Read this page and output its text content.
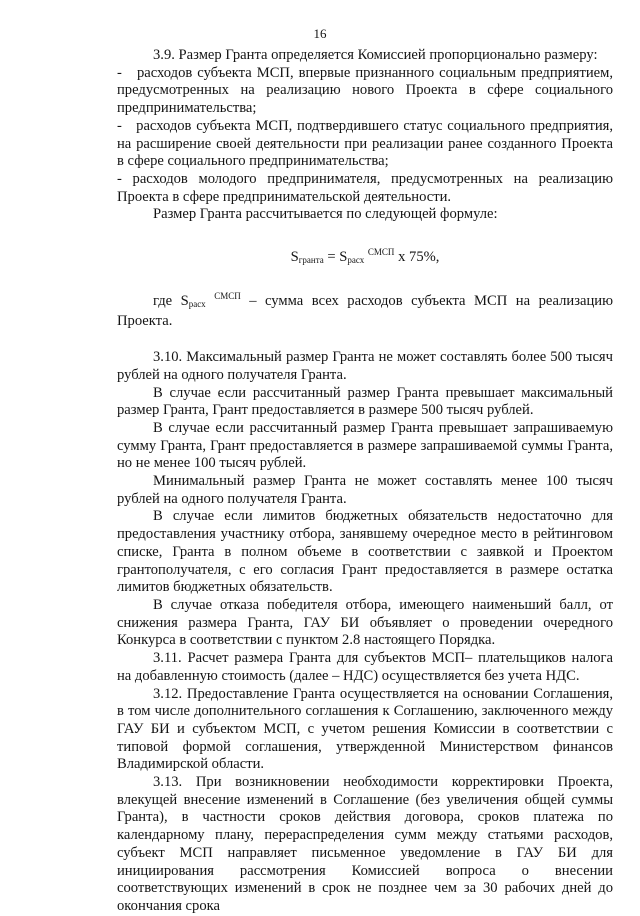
16

3.9. Размер Гранта определяется Комиссией пропорционально размеру:

-   расходов субъекта МСП, впервые признанного социальным предприятием, предусмотренных на реализацию нового Проекта в сфере социального предпринимательства;

-   расходов субъекта МСП, подтвердившего статус социального предприятия, на расширение своей деятельности при реализации ранее созданного Проекта в сфере социального предпринимательства;

- расходов молодого предпринимателя, предусмотренных на реализацию Проекта в сфере предпринимательской деятельности.

Размер Гранта рассчитывается по следующей формуле:

$S_{гранта} = S_{расх}$ $^{СМСП}$ х 75%,

где $S_{расх}$ $^{СМСП}$ – сумма всех расходов субъекта МСП на реализацию Проекта.

3.10. Максимальный размер Гранта не может составлять более 500 тысяч рублей на одного получателя Гранта.

В случае если рассчитанный размер Гранта превышает максимальный размер Гранта, Грант предоставляется в размере 500 тысяч рублей.

В случае если рассчитанный размер Гранта превышает запрашиваемую сумму Гранта, Грант предоставляется в размере запрашиваемой суммы Гранта, но не менее 100 тысяч рублей.

Минимальный размер Гранта не может составлять менее 100 тысяч рублей на одного получателя Гранта.

В случае если лимитов бюджетных обязательств недостаточно для предоставления участнику отбора, занявшему очередное место в рейтинговом списке, Гранта в полном объеме в соответствии с заявкой и Проектом грантополучателя, с его согласия Грант предоставляется в размере остатка лимитов бюджетных обязательств.

В случае отказа победителя отбора, имеющего наименьший балл, от снижения размера Гранта, ГАУ БИ объявляет о проведении очередного Конкурса в соответствии с пунктом 2.8 настоящего Порядка.

3.11. Расчет размера Гранта для субъектов МСП– плательщиков налога на добавленную стоимость (далее – НДС) осуществляется без учета НДС.

3.12. Предоставление Гранта осуществляется на основании Соглашения, в том числе дополнительного соглашения к Соглашению, заключенного между ГАУ БИ и субъектом МСП, с учетом решения Комиссии в соответствии с типовой формой соглашения, утвержденной Министерством финансов Владимирской области.

3.13. При возникновении необходимости корректировки Проекта, влекущей внесение изменений в Соглашение (без увеличения общей суммы Гранта), в частности сроков действия договора, сроков платежа по календарному плану, перераспределения сумм между статьями расходов, субъект МСП направляет письменное уведомление в ГАУ БИ для инициирования рассмотрения Комиссией вопроса о внесении соответствующих изменений в срок не позднее чем за 30 рабочих дней до окончания срока
